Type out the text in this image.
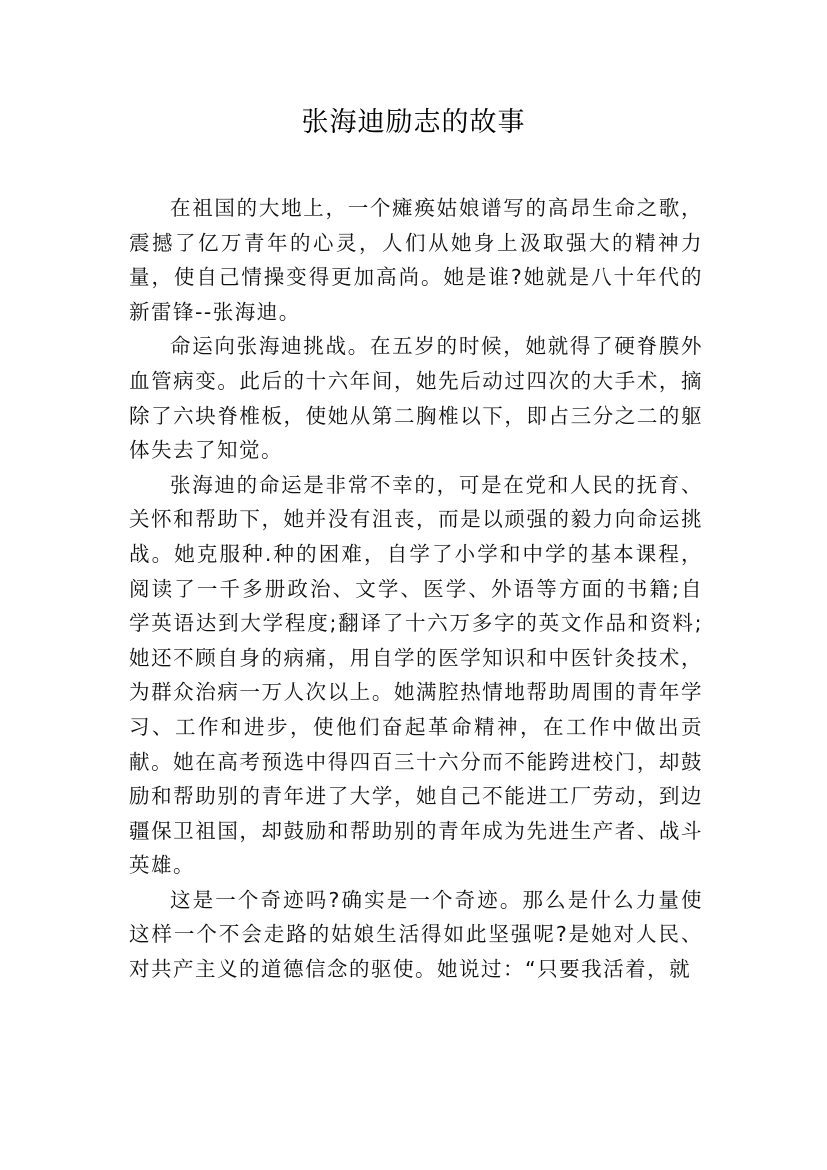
张海迪励志的故事

在祖国的大地上，一个瘫痪姑娘谱写的高昂生命之歌，震撼了亿万青年的心灵，人们从她身上汲取强大的精神力量，使自己情操变得更加高尚。她是谁?她就是八十年代的新雷锋--张海迪。

命运向张海迪挑战。在五岁的时候，她就得了硬脊膜外血管病变。此后的十六年间，她先后动过四次的大手术，摘除了六块脊椎板，使她从第二胸椎以下，即占三分之二的躯体失去了知觉。

张海迪的命运是非常不幸的，可是在党和人民的抚育、关怀和帮助下，她并没有沮丧，而是以顽强的毅力向命运挑战。她克服种.种的困难，自学了小学和中学的基本课程，阅读了一千多册政治、文学、医学、外语等方面的书籍;自学英语达到大学程度;翻译了十六万多字的英文作品和资料;她还不顾自身的病痛，用自学的医学知识和中医针灸技术，为群众治病一万人次以上。她满腔热情地帮助周围的青年学习、工作和进步，使他们奋起革命精神，在工作中做出贡献。她在高考预选中得四百三十六分而不能跨进校门，却鼓励和帮助别的青年进了大学，她自己不能进工厂劳动，到边疆保卫祖国，却鼓励和帮助别的青年成为先进生产者、战斗英雄。

这是一个奇迹吗?确实是一个奇迹。那么是什么力量使这样一个不会走路的姑娘生活得如此坚强呢?是她对人民、对共产主义的道德信念的驱使。她说过：“只要我活着，就
